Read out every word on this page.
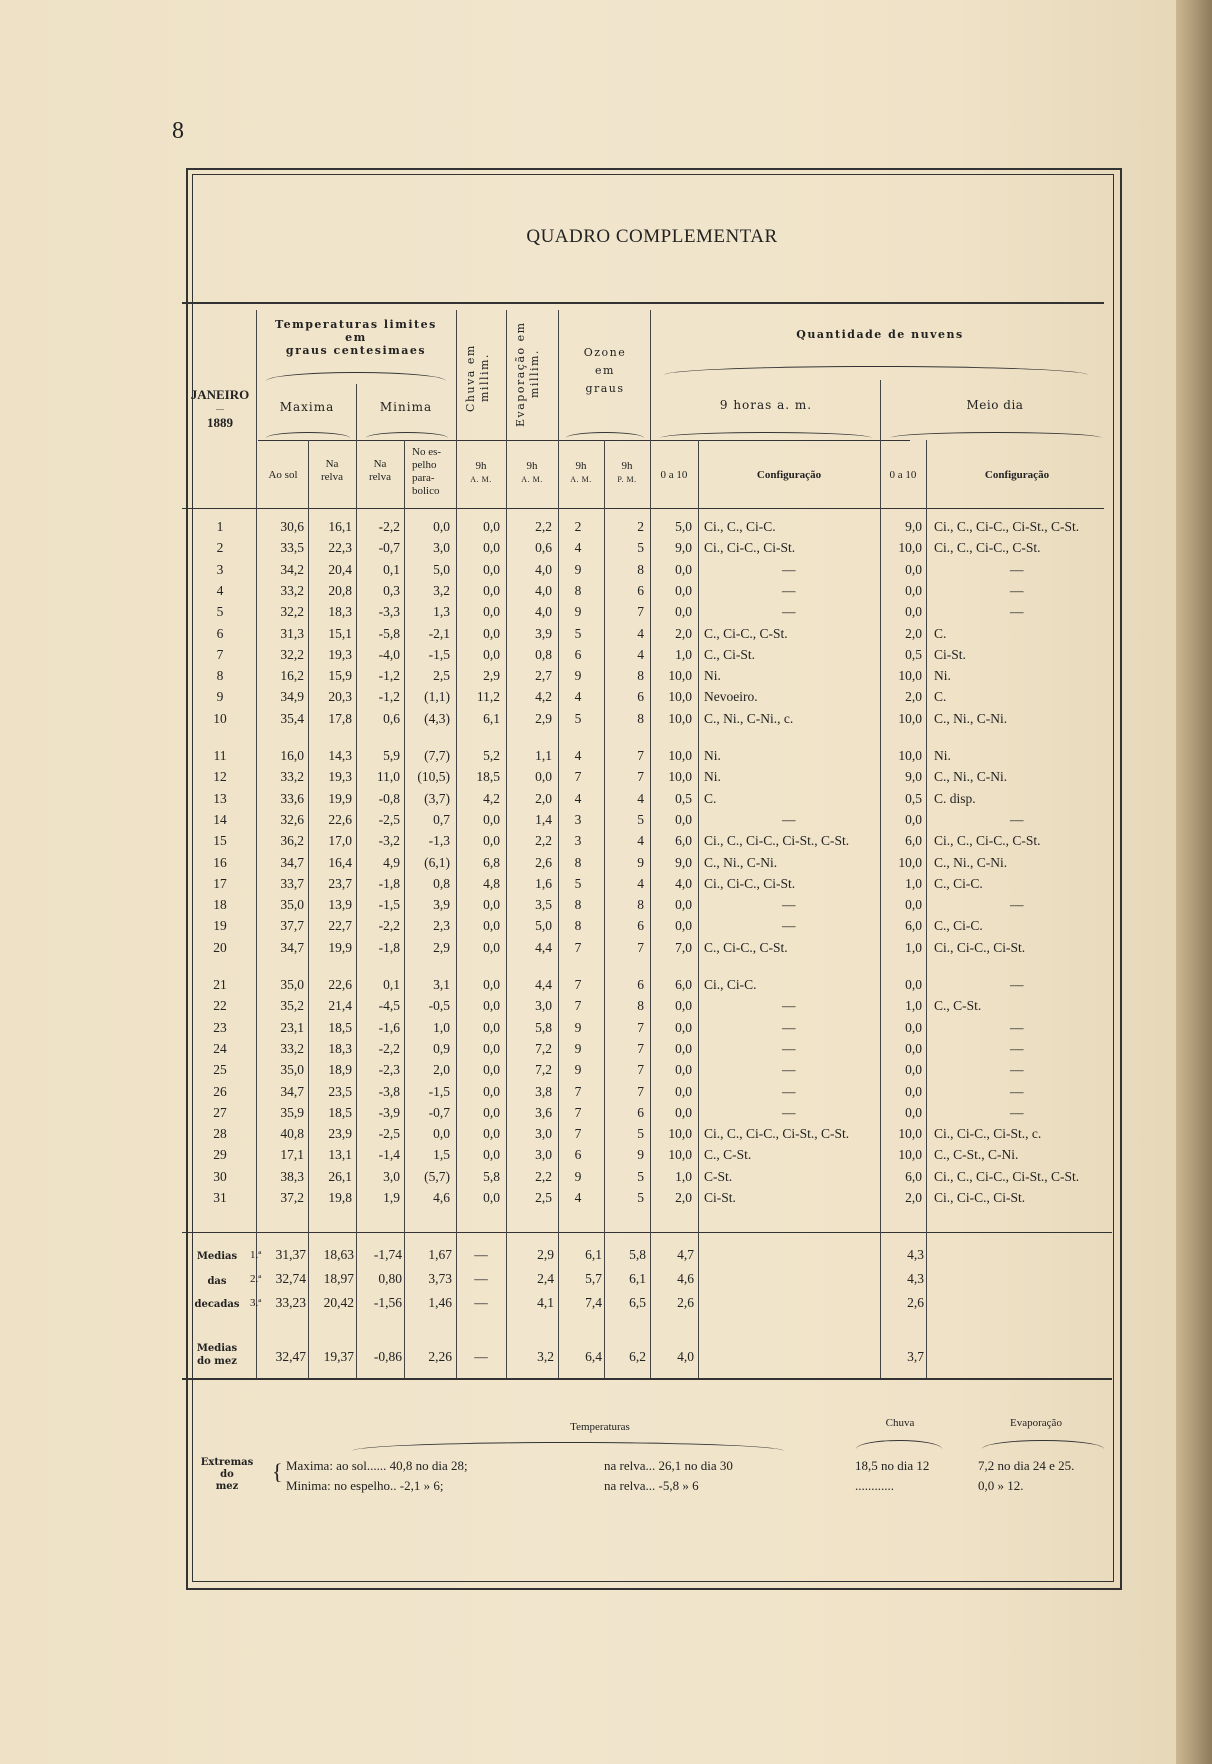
8
QUADRO COMPLEMENTAR
JANEIRO
—
1889
Temperaturas limites
em
graus centesimaes
Maxima	Minima	Chuva em millim.	Evaporação em millim.	Ozone
em
graus
Quantidade de nuvens
9 horas a. m.	Meio dia
Ao sol
Na
relva
Na
relva
No es-
pelho
para-
bolico
9h
A. M.
9h
A. M.
9h
A. M.
9h
P. M.	0 a 10	Configuração	0 a 10	Configuração
1	30,6	16,1	-2,2	0,0	0,0	2,2	2	2	5,0 Ci., C., Ci-C.	9,0 Ci., C., Ci-C., Ci-St., C-St.
2	33,5	22,3	-0,7	3,0	0,0	0,6	4	5	9,0 Ci., Ci-C., Ci-St.	10,0 Ci., C., Ci-C., C-St.
3	34,2	20,4	0,1	5,0	0,0	4,0	9	8	0,0	—	0,0	—
4	33,2	20,8	0,3	3,2	0,0	4,0	8	6	0,0	—	0,0	—
5	32,2	18,3	-3,3	1,3	0,0	4,0	9	7	0,0	—	0,0	—
6	31,3	15,1	-5,8	-2,1	0,0	3,9	5	4	2,0 C., Ci-C., C-St.	2,0 C.
7	32,2	19,3	-4,0	-1,5	0,0	0,8	6	4	1,0 C., Ci-St.	0,5 Ci-St.
8	16,2	15,9	-1,2	2,5	2,9	2,7	9	8	10,0 Ni.	10,0 Ni.
9	34,9	20,3	-1,2	(1,1)	11,2	4,2	4	6	10,0 Nevoeiro.	2,0 C.
10	35,4	17,8	0,6	(4,3)	6,1	2,9	5	8	10,0 C., Ni., C-Ni., c.	10,0 C., Ni., C-Ni.
11	16,0	14,3	5,9	(7,7)	5,2	1,1	4	7	10,0 Ni.	10,0 Ni.
12	33,2	19,3	11,0	(10,5)	18,5	0,0	7	7	10,0 Ni.	9,0 C., Ni., C-Ni.
13	33,6	19,9	-0,8	(3,7)	4,2	2,0	4	4	0,5 C.	0,5 C. disp.
14	32,6	22,6	-2,5	0,7	0,0	1,4	3	5	0,0	—	0,0	—
15	36,2	17,0	-3,2	-1,3	0,0	2,2	3	4	6,0 Ci., C., Ci-C., Ci-St., C-St.	6,0 Ci., C., Ci-C., C-St.
16	34,7	16,4	4,9	(6,1)	6,8	2,6	8	9	9,0 C., Ni., C-Ni.	10,0 C., Ni., C-Ni.
17	33,7	23,7	-1,8	0,8	4,8	1,6	5	4	4,0 Ci., Ci-C., Ci-St.	1,0 C., Ci-C.
18	35,0	13,9	-1,5	3,9	0,0	3,5	8	8	0,0	—	0,0	—
19	37,7	22,7	-2,2	2,3	0,0	5,0	8	6	0,0	—	6,0 C., Ci-C.
20	34,7	19,9	-1,8	2,9	0,0	4,4	7	7	7,0 C., Ci-C., C-St.	1,0 Ci., Ci-C., Ci-St.
21	35,0	22,6	0,1	3,1	0,0	4,4	7	6	6,0 Ci., Ci-C.	0,0	—
22	35,2	21,4	-4,5	-0,5	0,0	3,0	7	8	0,0	—	1,0 C., C-St.
23	23,1	18,5	-1,6	1,0	0,0	5,8	9	7	0,0	—	0,0	—
24	33,2	18,3	-2,2	0,9	0,0	7,2	9	7	0,0	—	0,0	—
25	35,0	18,9	-2,3	2,0	0,0	7,2	9	7	0,0	—	0,0	—
26	34,7	23,5	-3,8	-1,5	0,0	3,8	7	7	0,0	—	0,0	—
27	35,9	18,5	-3,9	-0,7	0,0	3,6	7	6	0,0	—	0,0	—
28	40,8	23,9	-2,5	0,0	0,0	3,0	7	5	10,0 Ci., C., Ci-C., Ci-St., C-St.	10,0 Ci., Ci-C., Ci-St., c.
29	17,1	13,1	-1,4	1,5	0,0	3,0	6	9	10,0 C., C-St.	10,0 C., C-St., C-Ni.
30	38,3	26,1	3,0	(5,7)	5,8	2,2	9	5	1,0 C-St.	6,0 Ci., C., Ci-C., Ci-St., C-St.
31	37,2	19,8	1,9	4,6	0,0	2,5	4	5	2,0 Ci-St.	2,0 Ci., Ci-C., Ci-St.
Medias
das
decadas
1.ª	31,37	18,63	-1,74	1,67	—	2,9	6,1	5,8	4,7	4,3
2.ª	32,74	18,97	0,80	3,73	—	2,4	5,7	6,1	4,6	4,3
3.ª	33,23	20,42	-1,56	1,46	—	4,1	7,4	6,5	2,6	2,6
Medias
do mez	32,47	19,37	-0,86	2,26	—	3,2	6,4	6,2	4,0	3,7
Temperaturas	Chuva	Evaporação
Extremas
do
mez
{ Maxima: ao sol...... 40,8 no dia 28;	na relva... 26,1 no dia 30	18,5 no dia 12	7,2 no dia 24 e 25.
Minima: no espelho.. -2,1 » 6;	na relva... -5,8 » 6	............	0,0 » 12.
